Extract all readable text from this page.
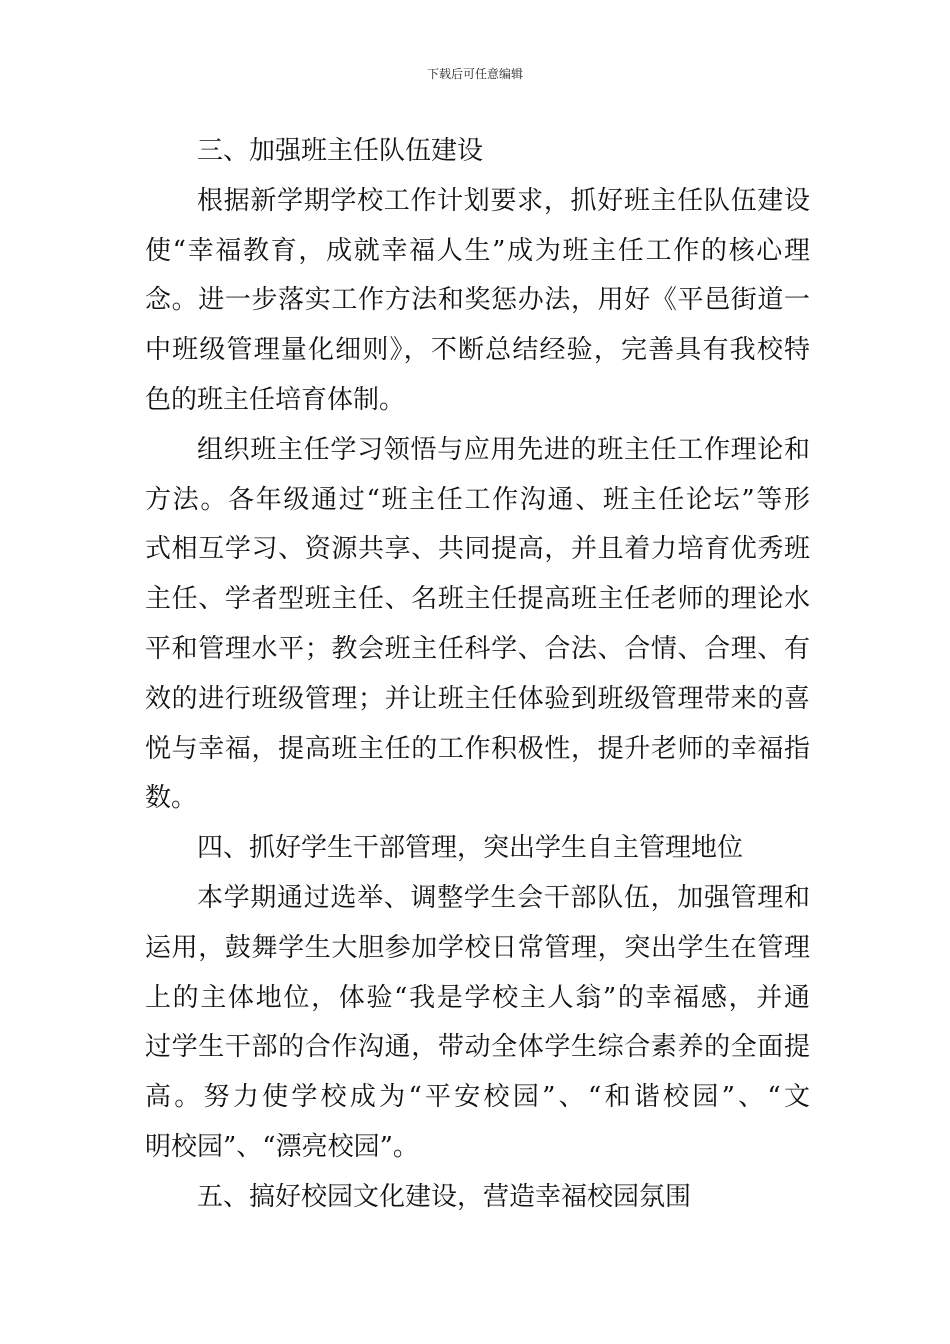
下载后可任意编辑
三、加强班主任队伍建设
根据新学期学校工作计划要求，抓好班主任队伍建设
使“幸福教育，成就幸福人生”成为班主任工作的核心理
念。进一步落实工作方法和奖惩办法，用好《平邑街道一
中班级管理量化细则》，不断总结经验，完善具有我校特
色的班主任培育体制。
组织班主任学习领悟与应用先进的班主任工作理论和
方法。各年级通过“班主任工作沟通、班主任论坛”等形
式相互学习、资源共享、共同提高，并且着力培育优秀班
主任、学者型班主任、名班主任提高班主任老师的理论水
平和管理水平；教会班主任科学、合法、合情、合理、有
效的进行班级管理；并让班主任体验到班级管理带来的喜
悦与幸福，提高班主任的工作积极性，提升老师的幸福指
数。
四、抓好学生干部管理，突出学生自主管理地位
本学期通过选举、调整学生会干部队伍，加强管理和
运用，鼓舞学生大胆参加学校日常管理，突出学生在管理
上的主体地位，体验“我是学校主人翁”的幸福感，并通
过学生干部的合作沟通，带动全体学生综合素养的全面提
高。努力使学校成为“平安校园”、“和谐校园”、“文
明校园”、“漂亮校园”。
五、搞好校园文化建设，营造幸福校园氛围
